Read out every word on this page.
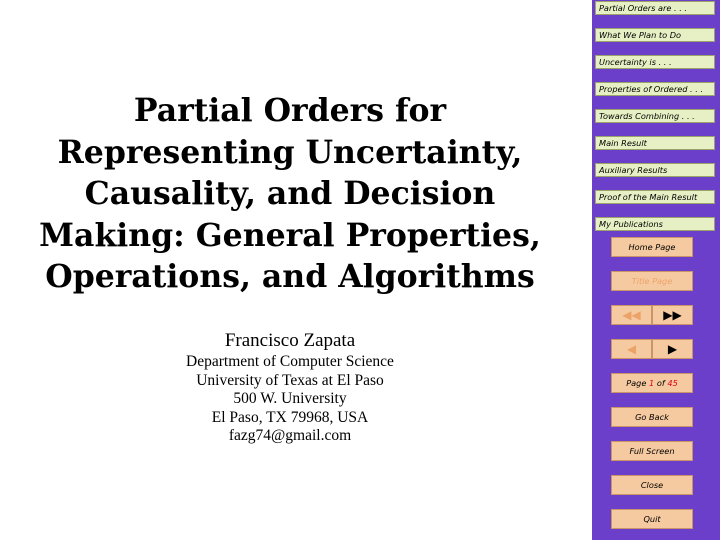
Partial Orders for
Representing Uncertainty,
Causality, and Decision
Making: General Properties,
Operations, and Algorithms
Francisco Zapata
Department of Computer Science
University of Texas at El Paso
500 W. University
El Paso, TX 79968, USA
fazg74@gmail.com
Partial Orders are . . .
What We Plan to Do
Uncertainty is . . .
Properties of Ordered . . .
Towards Combining . . .
Main Result
Auxiliary Results
Proof of the Main Result
My Publications
Home Page
Title Page
◀◀	▶▶
◀	▶
Page 1 of 45
Go Back
Full Screen
Close
Quit
